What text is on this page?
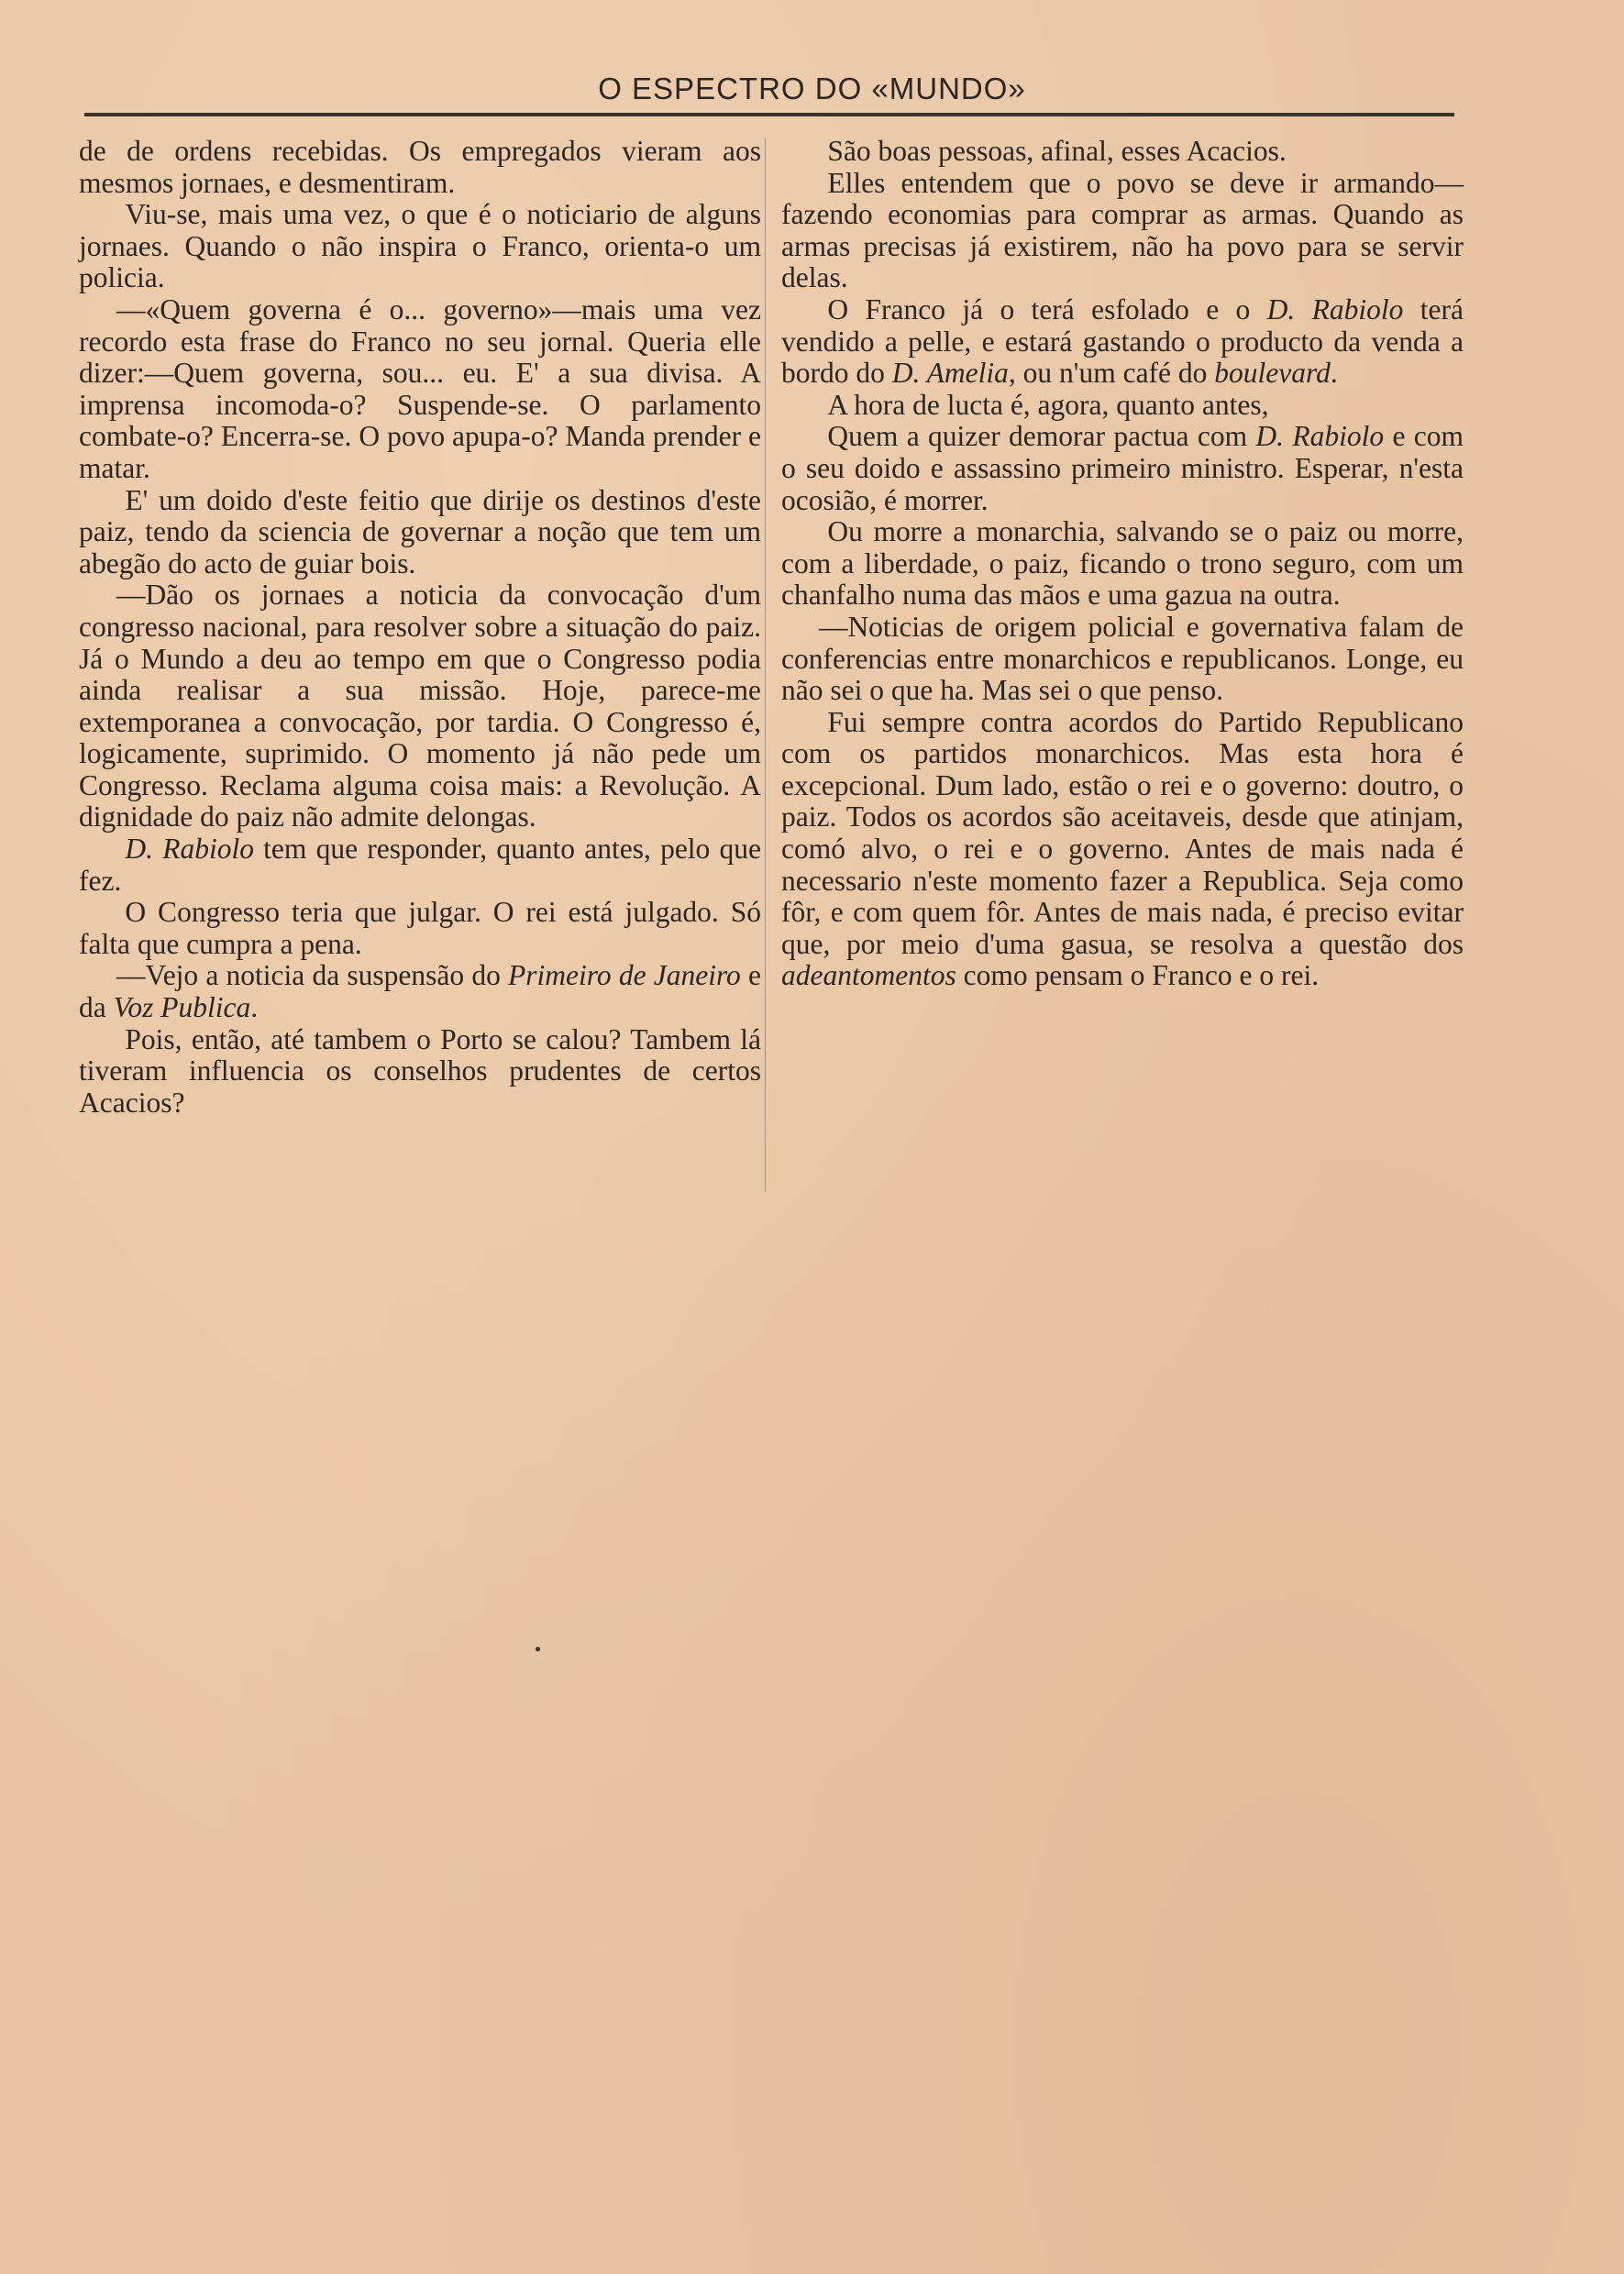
O ESPECTRO DO «MUNDO»

de de ordens recebidas. Os empregados vieram aos mesmos jornaes, e desmentiram.

Viu-se, mais uma vez, o que é o noticiario de alguns jornaes. Quando o não inspira o Franco, orienta-o um policia.

—«Quem governa é o... governo»—mais uma vez recordo esta frase do Franco no seu jornal. Queria elle dizer:—Quem governa, sou... eu. E' a sua divisa. A imprensa incomoda-o? Suspende-se. O parlamento combate-o? Encerra-se. O povo apupa-o? Manda prender e matar.

E' um doido d'este feitio que dirije os destinos d'este paiz, tendo da sciencia de governar a noção que tem um abegão do acto de guiar bois.

—Dão os jornaes a noticia da convocação d'um congresso nacional, para resolver sobre a situação do paiz. Já o Mundo a deu ao tempo em que o Congresso podia ainda realisar a sua missão. Hoje, parece-me extemporanea a convocação, por tardia. O Congresso é, logicamente, suprimido. O momento já não pede um Congresso. Reclama alguma coisa mais: a Revolução. A dignidade do paiz não admite delongas.

D. Rabiolo tem que responder, quanto antes, pelo que fez.

O Congresso teria que julgar. O rei está julgado. Só falta que cumpra a pena.

—Vejo a noticia da suspensão do Primeiro de Janeiro e da Voz Publica.

Pois, então, até tambem o Porto se calou? Tambem lá tiveram influencia os conselhos prudentes de certos Acacios?

São boas pessoas, afinal, esses Acacios.

Elles entendem que o povo se deve ir armando—fazendo economias para comprar as armas. Quando as armas precisas já existirem, não ha povo para se servir delas.

O Franco já o terá esfolado e o D. Rabiolo terá vendido a pelle, e estará gastando o producto da venda a bordo do D. Amelia, ou n'um café do boulevard.

A hora de lucta é, agora, quanto antes,

Quem a quizer demorar pactua com D. Rabiolo e com o seu doido e assassino primeiro ministro. Esperar, n'esta ocosião, é morrer.

Ou morre a monarchia, salvando se o paiz ou morre, com a liberdade, o paiz, ficando o trono seguro, com um chanfalho numa das mãos e uma gazua na outra.

—Noticias de origem policial e governativa falam de conferencias entre monarchicos e republicanos. Longe, eu não sei o que ha. Mas sei o que penso.

Fui sempre contra acordos do Partido Republicano com os partidos monarchicos. Mas esta hora é excepcional. Dum lado, estão o rei e o governo: doutro, o paiz. Todos os acordos são aceitaveis, desde que atinjam, comó alvo, o rei e o governo. Antes de mais nada é necessario n'este momento fazer a Republica. Seja como fôr, e com quem fôr. Antes de mais nada, é preciso evitar que, por meio d'uma gasua, se resolva a questão dos adeantomentos como pensam o Franco e o rei.
